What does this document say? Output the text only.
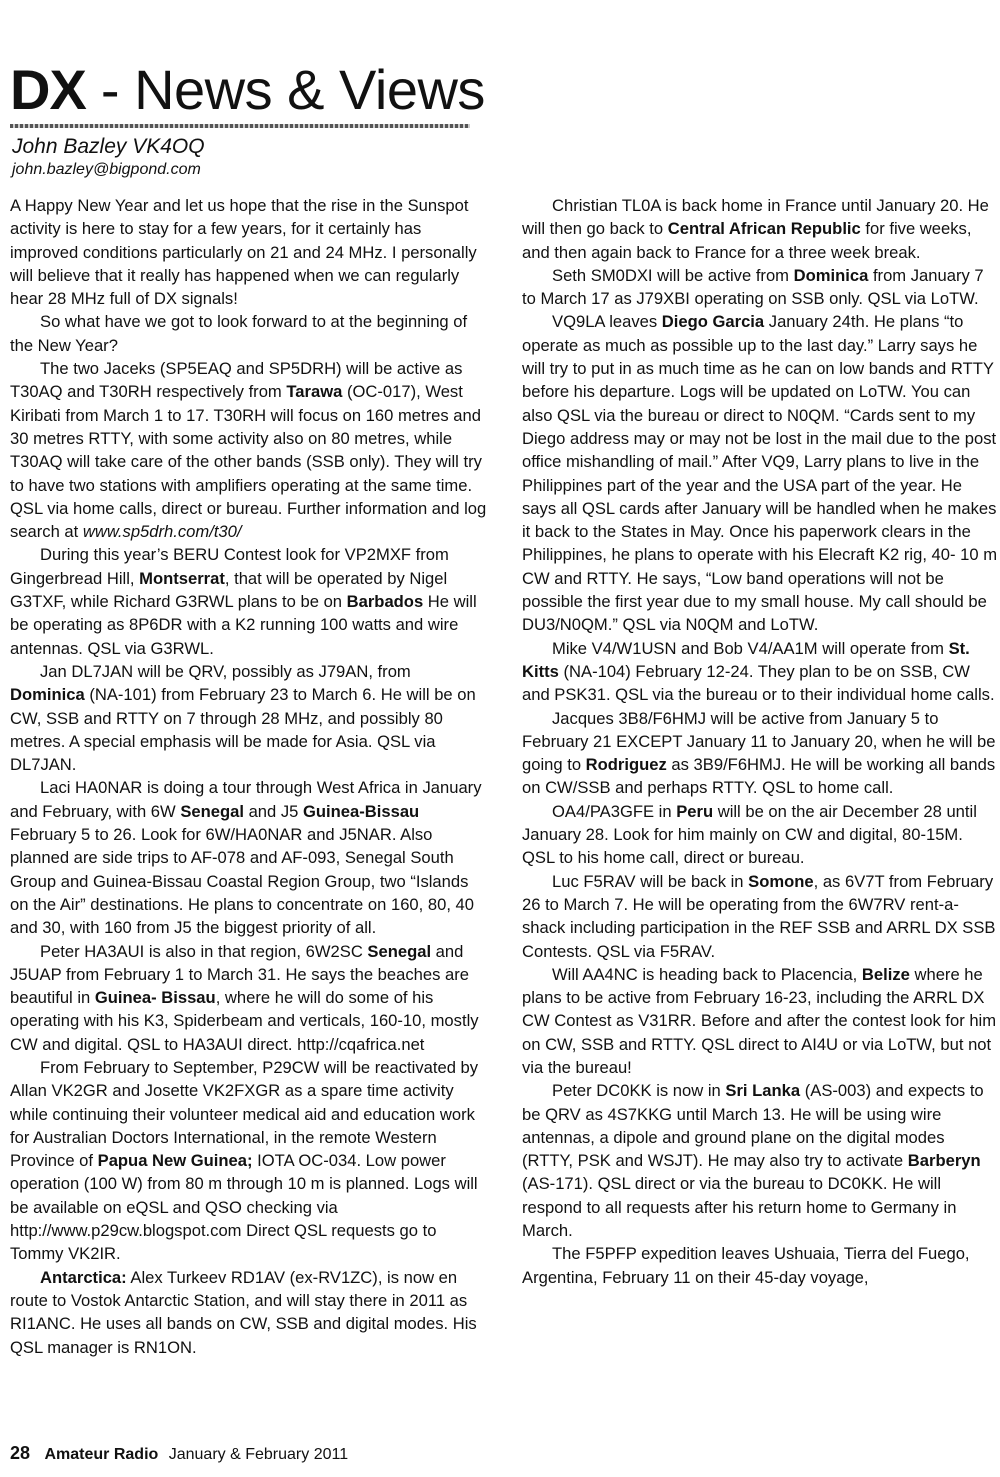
DX - News & Views
John Bazley VK4OQ
john.bazley@bigpond.com

A Happy New Year and let us hope that the rise in the Sunspot activity is here to stay for a few years, for it certainly has improved conditions particularly on 21 and 24 MHz. I personally will believe that it really has happened when we can regularly hear 28 MHz full of DX signals!

So what have we got to look forward to at the beginning of the New Year?

The two Jaceks (SP5EAQ and SP5DRH) will be active as T30AQ and T30RH respectively from Tarawa (OC-017), West Kiribati from March 1 to 17. T30RH will focus on 160 metres and 30 metres RTTY, with some activity also on 80 metres, while T30AQ will take care of the other bands (SSB only). They will try to have two stations with amplifiers operating at the same time. QSL via home calls, direct or bureau. Further information and log search at www.sp5drh.com/t30/

During this year’s BERU Contest look for VP2MXF from Gingerbread Hill, Montserrat, that will be operated by Nigel G3TXF, while Richard G3RWL plans to be on Barbados He will be operating as 8P6DR with a K2 running 100 watts and wire antennas. QSL via G3RWL.

Jan DL7JAN will be QRV, possibly as J79AN, from Dominica (NA-101) from February 23 to March 6. He will be on CW, SSB and RTTY on 7 through 28 MHz, and possibly 80 metres. A special emphasis will be made for Asia. QSL via DL7JAN.

Laci HA0NAR is doing a tour through West Africa in January and February, with 6W Senegal and J5 Guinea-Bissau February 5 to 26. Look for 6W/HA0NAR and J5NAR. Also planned are side trips to AF-078 and AF-093, Senegal South Group and Guinea-Bissau Coastal Region Group, two “Islands on the Air” destinations. He plans to concentrate on 160, 80, 40 and 30, with 160 from J5 the biggest priority of all.

Peter HA3AUI is also in that region, 6W2SC Senegal and J5UAP from February 1 to March 31. He says the beaches are beautiful in Guinea- Bissau, where he will do some of his operating with his K3, Spiderbeam and verticals, 160-10, mostly CW and digital. QSL to HA3AUI direct. http://cqafrica.net

From February to September, P29CW will be reactivated by Allan VK2GR and Josette VK2FXGR as a spare time activity while continuing their volunteer medical aid and education work for Australian Doctors International, in the remote Western Province of Papua New Guinea; IOTA OC-034. Low power operation (100 W) from 80 m through 10 m is planned. Logs will be available on eQSL and QSO checking via http://www.p29cw.blogspot.com Direct QSL requests go to Tommy VK2IR.

Antarctica: Alex Turkeev RD1AV (ex-RV1ZC), is now en route to Vostok Antarctic Station, and will stay there in 2011 as RI1ANC. He uses all bands on CW, SSB and digital modes. His QSL manager is RN1ON.

Christian TL0A is back home in France until January 20. He will then go back to Central African Republic for five weeks, and then again back to France for a three week break.

Seth SM0DXI will be active from Dominica from January 7 to March 17 as J79XBI operating on SSB only. QSL via LoTW.

VQ9LA leaves Diego Garcia January 24th. He plans “to operate as much as possible up to the last day.” Larry says he will try to put in as much time as he can on low bands and RTTY before his departure. Logs will be updated on LoTW. You can also QSL via the bureau or direct to N0QM. “Cards sent to my Diego address may or may not be lost in the mail due to the post office mishandling of mail.” After VQ9, Larry plans to live in the Philippines part of the year and the USA part of the year. He says all QSL cards after January will be handled when he makes it back to the States in May. Once his paperwork clears in the Philippines, he plans to operate with his Elecraft K2 rig, 40- 10 m CW and RTTY. He says, “Low band operations will not be possible the first year due to my small house. My call should be DU3/N0QM.” QSL via N0QM and LoTW.

Mike V4/W1USN and Bob V4/AA1M will operate from St. Kitts (NA-104) February 12-24. They plan to be on SSB, CW and PSK31. QSL via the bureau or to their individual home calls.

Jacques 3B8/F6HMJ will be active from January 5 to February 21 EXCEPT January 11 to January 20, when he will be going to Rodriguez as 3B9/F6HMJ. He will be working all bands on CW/SSB and perhaps RTTY. QSL to home call.

OA4/PA3GFE in Peru will be on the air December 28 until January 28. Look for him mainly on CW and digital, 80-15M. QSL to his home call, direct or bureau.

Luc F5RAV will be back in Somone, as 6V7T from February 26 to March 7. He will be operating from the 6W7RV rent-a- shack including participation in the REF SSB and ARRL DX SSB Contests. QSL via F5RAV.

Will AA4NC is heading back to Placencia, Belize where he plans to be active from February 16-23, including the ARRL DX CW Contest as V31RR. Before and after the contest look for him on CW, SSB and RTTY. QSL direct to AI4U or via LoTW, but not via the bureau!

Peter DC0KK is now in Sri Lanka (AS-003) and expects to be QRV as 4S7KKG until March 13. He will be using wire antennas, a dipole and ground plane on the digital modes (RTTY, PSK and WSJT). He may also try to activate Barberyn (AS-171). QSL direct or via the bureau to DC0KK. He will respond to all requests after his return home to Germany in March.

The F5PFP expedition leaves Ushuaia, Tierra del Fuego, Argentina, February 11 on their 45-day voyage,

28 Amateur Radio January & February 2011
